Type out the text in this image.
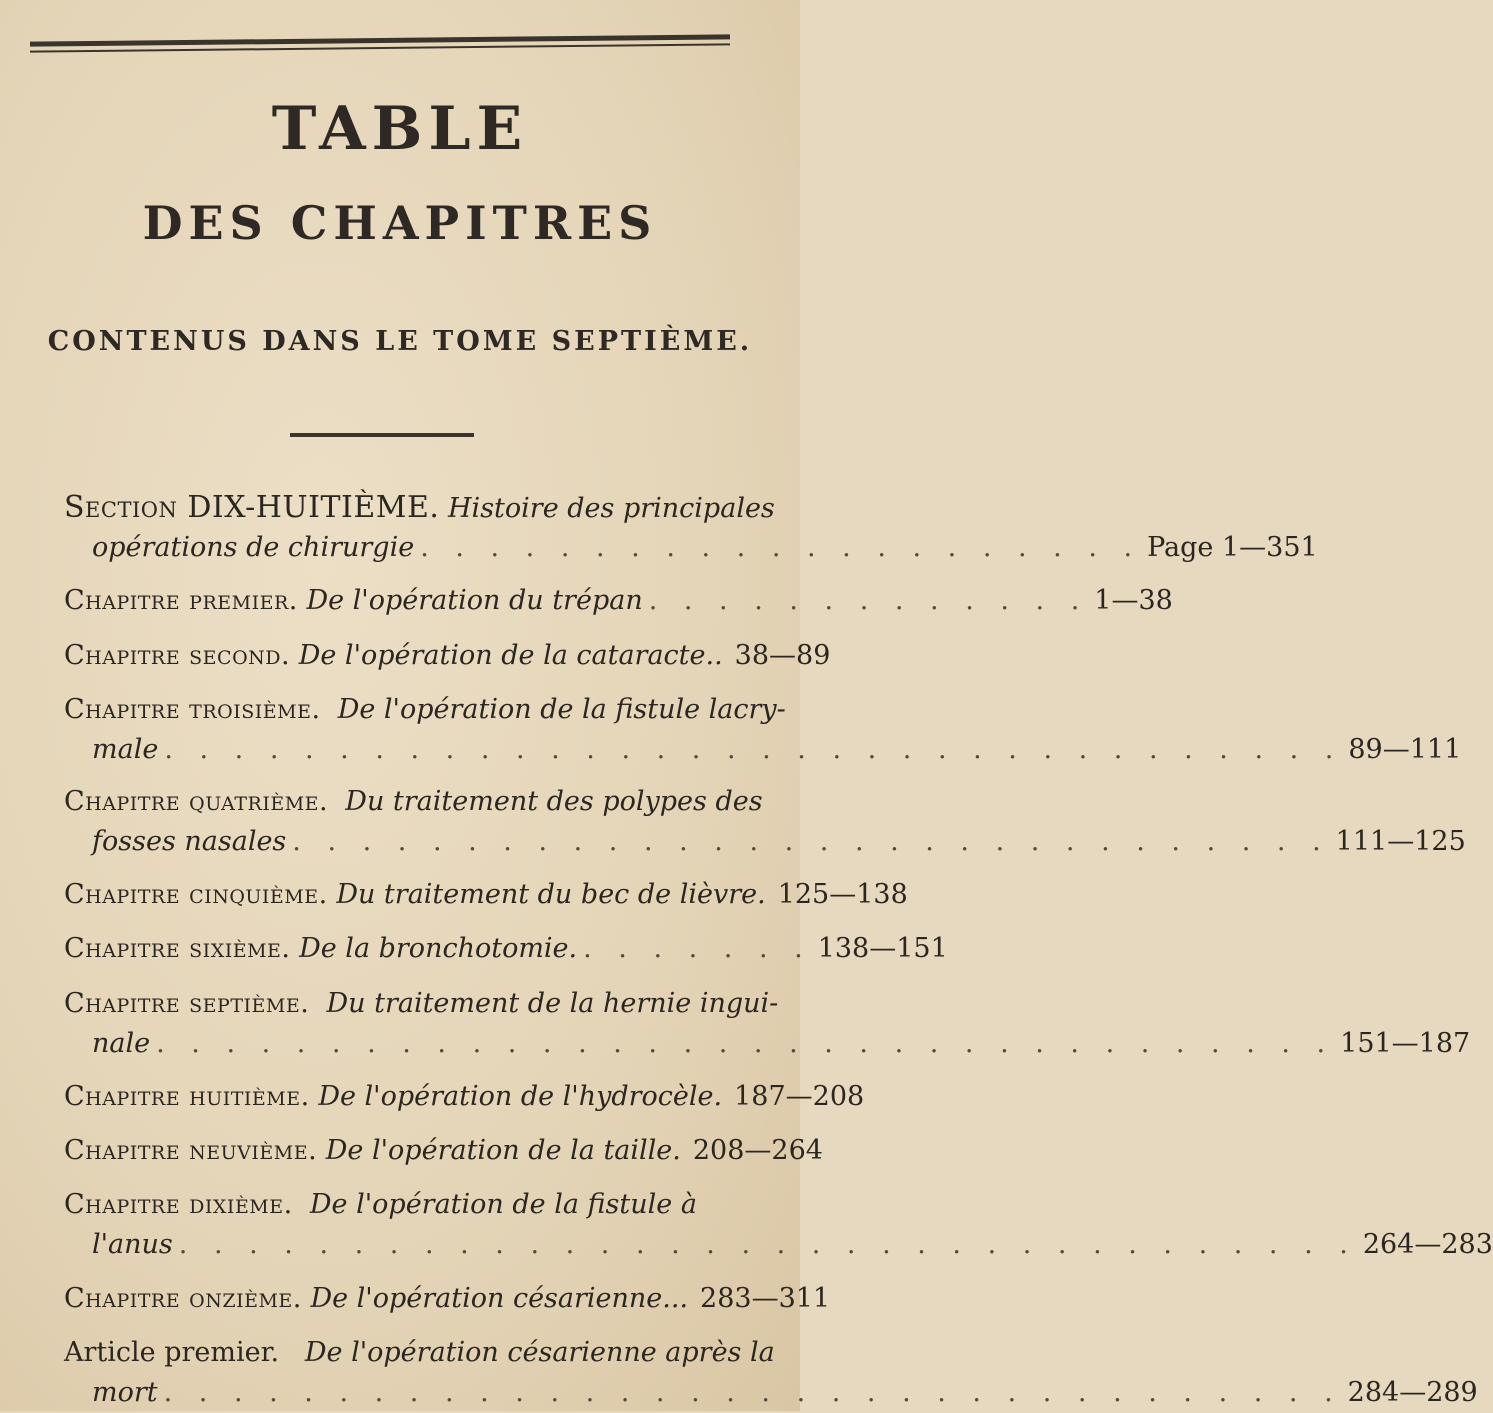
TABLE
DES CHAPITRES
CONTENUS DANS LE TOME SEPTIÈME.
Section DIX-HUITIÈME. Histoire des principales
opérations de chirurgie . . . . . . . . . . . . . . . . . . . . . Page 1—351
Chapitre premier.
De l'opération du trépan . . . . . . . . . . . . . 1—38
Chapitre second.
De l'opération de la cataracte.. 38—89
Chapitre troisième. De l'opération de la fistule lacry-
male . . . . . . . . . . . . . . . . . . . . . . . . . . . . . . . . . . 89—111
Chapitre quatrième. Du traitement des polypes des
fosses nasales . . . . . . . . . . . . . . . . . . . . . . . . . . . . . . 111—125
Chapitre cinquième.
Du traitement du bec de lièvre. 125—138
Chapitre sixième.
De la bronchotomie. . . . . . . . 138—151
Chapitre septième. Du traitement de la hernie ingui-
nale . . . . . . . . . . . . . . . . . . . . . . . . . . . . . . . . . . 151—187
Chapitre huitième.
De l'opération de l'hydrocèle. 187—208
Chapitre neuvième.
De l'opération de la taille. 208—264
Chapitre dixième. De l'opération de la fistule à
l'anus . . . . . . . . . . . . . . . . . . . . . . . . . . . . . . . . . . 264—283
Chapitre onzième.
De l'opération césarienne... 283—311
Article premier. De l'opération césarienne après la
mort . . . . . . . . . . . . . . . . . . . . . . . . . . . . . . . . . . 284—289
